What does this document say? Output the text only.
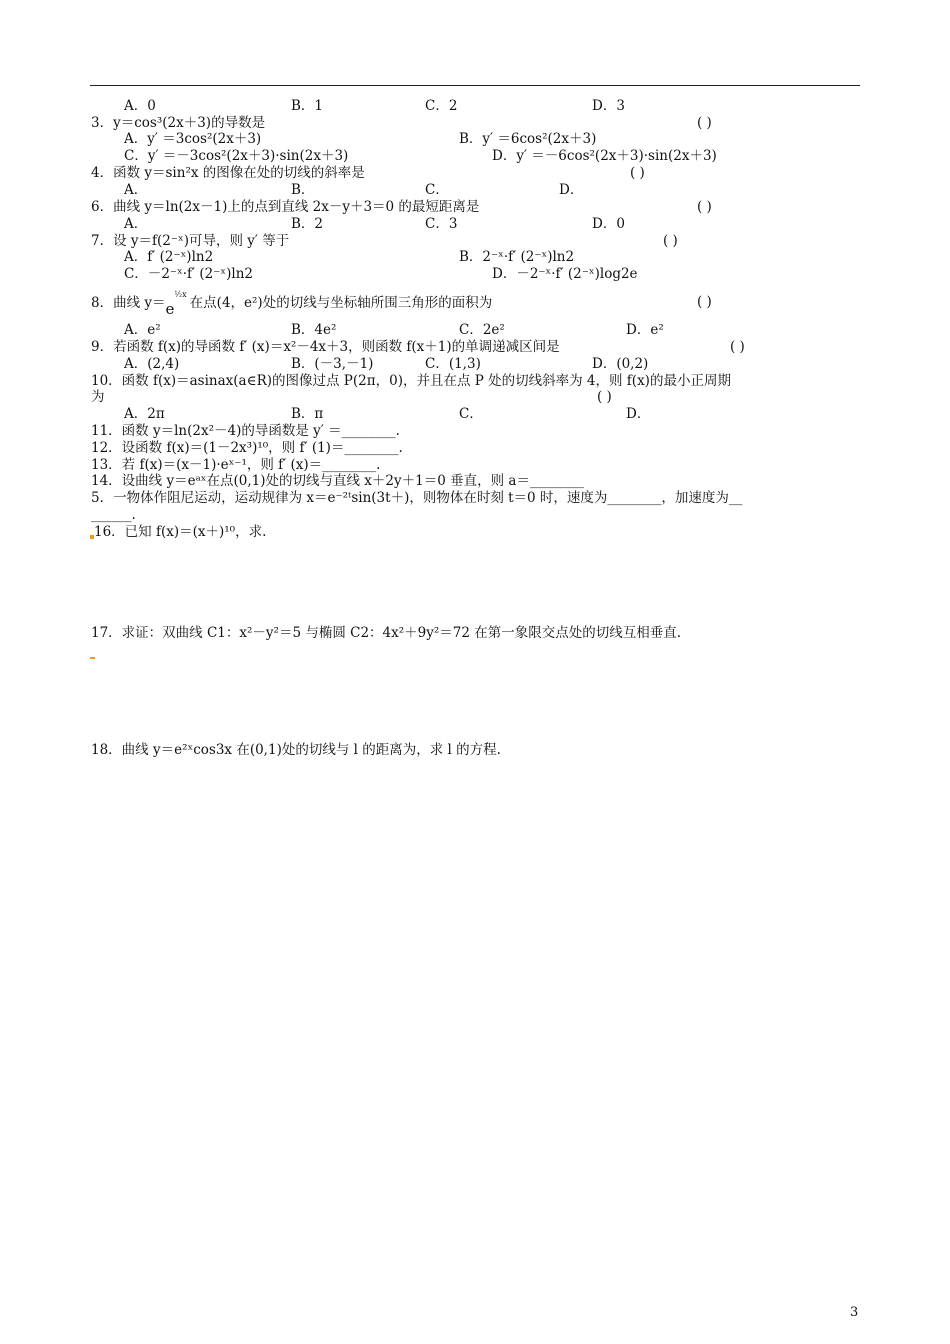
A．0	B．1	C．2	D．3
3．y＝cos³(2x＋3)的导数是	( )
A．y′ ＝3cos²(2x＋3)	B．y′ ＝6cos²(2x＋3)
C．y′ ＝－3cos²(2x＋3)·sin(2x＋3)	D．y′ ＝－6cos²(2x＋3)·sin(2x＋3)
4．函数 y＝sin²x 的图像在处的切线的斜率是	( )
A．	B．	C．	D．
6．曲线 y＝ln(2x－1)上的点到直线 2x－y＋3＝0 的最短距离是	( )
A．	B．2	C．3	D．0
7．设 y＝f(2⁻ˣ)可导，则 y′ 等于	( )
A．f′ (2⁻ˣ)ln2	B．2⁻ˣ·f′ (2⁻ˣ)ln2
C．－2⁻ˣ·f′ (2⁻ˣ)ln2	D．－2⁻ˣ·f′ (2⁻ˣ)log2e
8．曲线 y＝e½x在点(4，e²)处的切线与坐标轴所围三角形的面积为	( )
A．e²	B．4e²	C．2e²	D．e²
9．若函数 f(x)的导函数 f′ (x)＝x²－4x＋3，则函数 f(x＋1)的单调递减区间是	( )
A．(2,4)	B．(－3,－1)	C．(1,3)	D．(0,2)
10．函数 f(x)＝asinax(a∈R)的图像过点 P(2π，0)，并且在点 P 处的切线斜率为 4，则 f(x)的最小正周期
为	( )
A．2π	B．π	C．	D．
11．函数 y＝ln(2x²－4)的导函数是 y′ ＝________.
12．设函数 f(x)＝(1－2x³)¹⁰，则 f′ (1)＝________.
13．若 f(x)＝(x－1)·eˣ⁻¹，则 f′ (x)＝________.
14．设曲线 y＝eᵃˣ在点(0,1)处的切线与直线 x＋2y＋1＝0 垂直，则 a＝________
5．一物体作阻尼运动，运动规律为 x＝e⁻²ᵗsin(3t＋)，则物体在时刻 t＝0 时，速度为________，加速度为__
______.
16．已知 f(x)＝(x＋)¹⁰，求.
17．求证：双曲线 C1：x²－y²＝5 与椭圆 C2：4x²＋9y²＝72 在第一象限交点处的切线互相垂直.
18．曲线 y＝e²ˣcos3x 在(0,1)处的切线与 l 的距离为，求 l 的方程.
3
